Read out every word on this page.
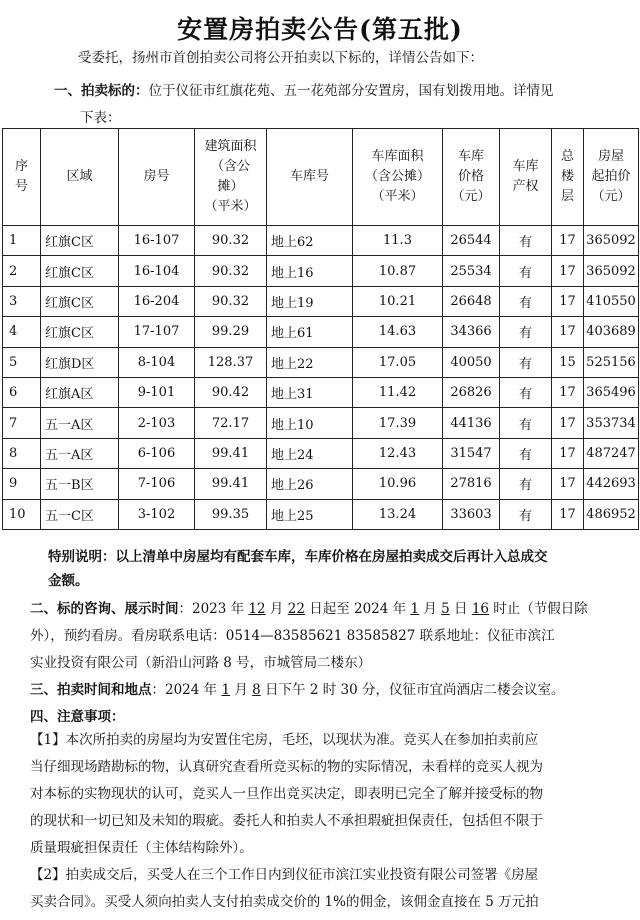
安置房拍卖公告(第五批)
受委托，扬州市首创拍卖公司将公开拍卖以下标的，详情公告如下：
一、拍卖标的：位于仪征市红旗花苑、五一花苑部分安置房，国有划拨用地。详情见
下表：
序
号	区域	房号	建筑面积
（含公
摊）
（平米）	车库号	车库面积
（含公摊）
（平米）	车库
价格
（元）	车库
产权	总
楼
层	房屋
起拍价
（元）
1	红旗C区	16-107	90.32	地上62	11.3	26544	有	17	365092
2	红旗C区	16-104	90.32	地上16	10.87	25534	有	17	365092
3	红旗C区	16-204	90.32	地上19	10.21	26648	有	17	410550
4	红旗C区	17-107	99.29	地上61	14.63	34366	有	17	403689
5	红旗D区	8-104	128.37	地上22	17.05	40050	有	15	525156
6	红旗A区	9-101	90.42	地上31	11.42	26826	有	17	365496
7	五一A区	2-103	72.17	地上10	17.39	44136	有	17	353734
8	五一A区	6-106	99.41	地上24	12.43	31547	有	17	487247
9	五一B区	7-106	99.41	地上26	10.96	27816	有	17	442693
10	五一C区	3-102	99.35	地上25	13.24	33603	有	17	486952
特别说明：以上清单中房屋均有配套车库，车库价格在房屋拍卖成交后再计入总成交
金额。
二、标的咨询、展示时间：2023 年 12 月 22 日起至 2024 年 1 月 5 日 16 时止（节假日除
外），预约看房。看房联系电话：0514—83585621 83585827 联系地址：仪征市滨江
实业投资有限公司（新沿山河路 8 号，市城管局二楼东）
三、拍卖时间和地点：2024 年 1 月 8 日下午 2 时 30 分，仪征市宜尚酒店二楼会议室。
四、注意事项：
【1】本次所拍卖的房屋均为安置住宅房，毛坯，以现状为准。竞买人在参加拍卖前应
当仔细现场踏勘标的物，认真研究查看所竞买标的物的实际情况，未看样的竞买人视为
对本标的实物现状的认可，竞买人一旦作出竞买决定，即表明已完全了解并接受标的物
的现状和一切已知及未知的瑕疵。委托人和拍卖人不承担瑕疵担保责任，包括但不限于
质量瑕疵担保责任（主体结构除外）。
【2】拍卖成交后，买受人在三个工作日内到仪征市滨江实业投资有限公司签署《房屋
买卖合同》。买受人须向拍卖人支付拍卖成交价的 1%的佣金，该佣金直接在 5 万元拍
